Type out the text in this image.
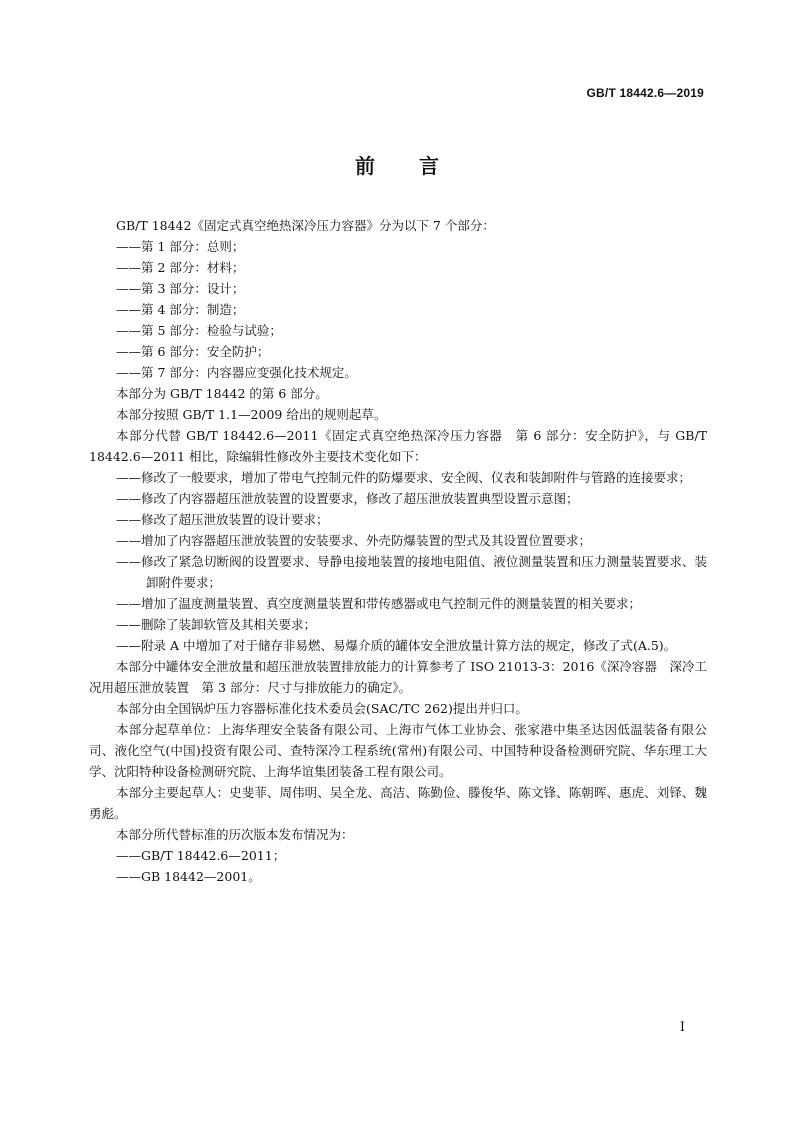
GB/T 18442.6—2019
前言

GB/T 18442《固定式真空绝热深冷压力容器》分为以下 7 个部分：

——第 1 部分：总则；

——第 2 部分：材料；

——第 3 部分：设计；

——第 4 部分：制造；

——第 5 部分：检验与试验；

——第 6 部分：安全防护；

——第 7 部分：内容器应变强化技术规定。

本部分为 GB/T 18442 的第 6 部分。

本部分按照 GB/T 1.1—2009 给出的规则起草。

本部分代替 GB/T 18442.6—2011《固定式真空绝热深冷压力容器　第 6 部分：安全防护》，与 GB/T 18442.6—2011 相比，除编辑性修改外主要技术变化如下：

——修改了一般要求，增加了带电气控制元件的防爆要求、安全阀、仪表和装卸附件与管路的连接要求；

——修改了内容器超压泄放装置的设置要求，修改了超压泄放装置典型设置示意图；

——修改了超压泄放装置的设计要求；

——增加了内容器超压泄放装置的安装要求、外壳防爆装置的型式及其设置位置要求；

——修改了紧急切断阀的设置要求、导静电接地装置的接地电阻值、液位测量装置和压力测量装置要求、装卸附件要求；

——增加了温度测量装置、真空度测量装置和带传感器或电气控制元件的测量装置的相关要求；

——删除了装卸软管及其相关要求；

——附录 A 中增加了对于储存非易燃、易爆介质的罐体安全泄放量计算方法的规定，修改了式(A.5)。

本部分中罐体安全泄放量和超压泄放装置排放能力的计算参考了 ISO 21013-3：2016《深冷容器　深冷工况用超压泄放装置　第 3 部分：尺寸与排放能力的确定》。

本部分由全国锅炉压力容器标准化技术委员会(SAC/TC 262)提出并归口。

本部分起草单位：上海华理安全装备有限公司、上海市气体工业协会、张家港中集圣达因低温装备有限公司、液化空气(中国)投资有限公司、查特深冷工程系统(常州)有限公司、中国特种设备检测研究院、华东理工大学、沈阳特种设备检测研究院、上海华谊集团装备工程有限公司。

本部分主要起草人：史斐菲、周伟明、吴全龙、高洁、陈勤俭、滕俊华、陈文锋、陈朝晖、惠虎、刘铎、魏勇彪。

本部分所代替标准的历次版本发布情况为：

——GB/T 18442.6—2011；

——GB 18442—2001。

I
